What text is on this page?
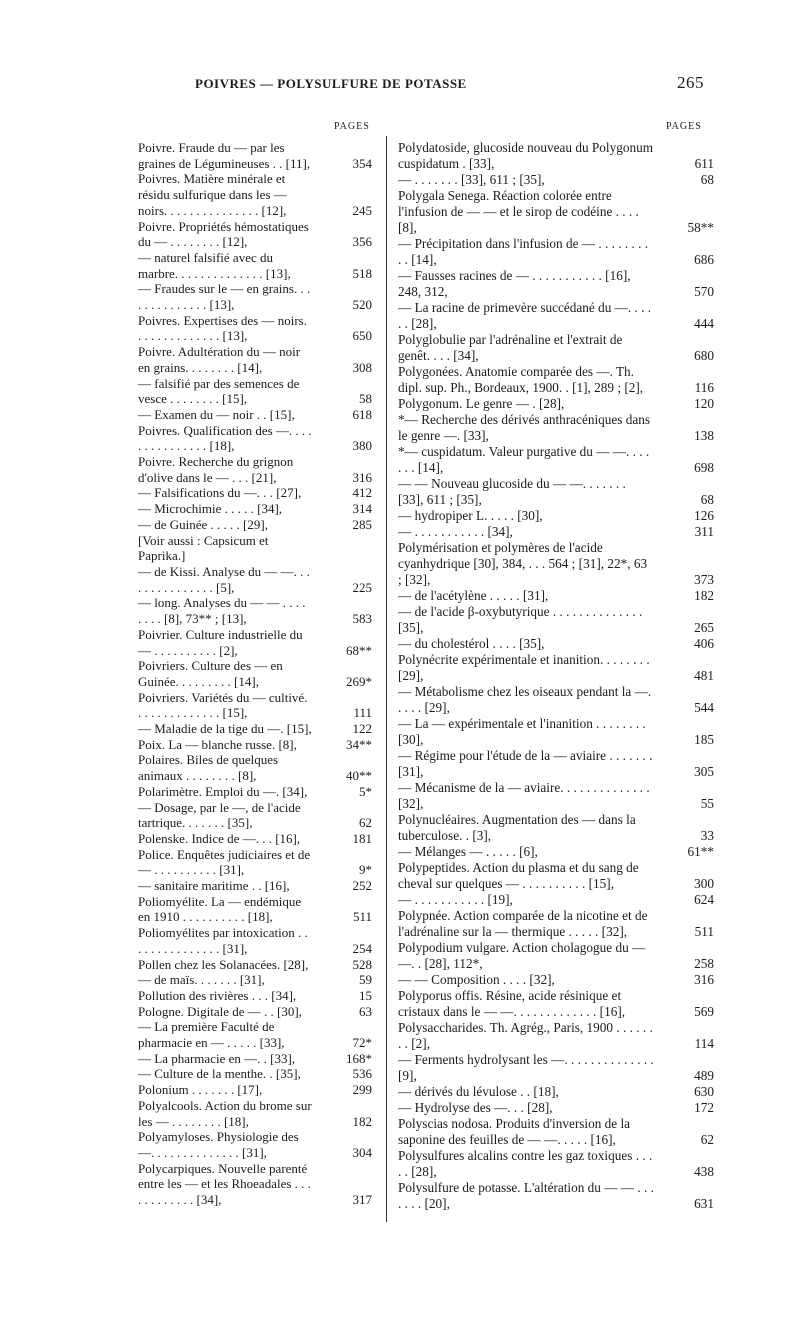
POIVRES — POLYSULFURE DE POTASSE	265
PAGES	PAGES
Poivre. Fraude du — par les graines de Légumineuses . . [11],	354
Poivres. Matière minérale et résidu sulfurique dans les — noirs. . . . . . . . . . . . . . . [12],	245
Poivre. Propriétés hémostatiques du — . . . . . . . . [12],	356
— naturel falsifié avec du marbre. . . . . . . . . . . . . . [13],	518
— Fraudes sur le — en grains. . . . . . . . . . . . . . [13],	520
Poivres. Expertises des — noirs. . . . . . . . . . . . . . [13],	650
Poivre. Adultération du — noir en grains. . . . . . . . [14],	308
— falsifié par des semences de vesce . . . . . . . . [15],	58
— Examen du — noir . . [15],	618
Poivres. Qualification des —. . . . . . . . . . . . . . . [18],	380
Poivre. Recherche du grignon d'olive dans le — . . . [21],	316
— Falsifications du —. . . [27],	412
— Microchimie . . . . . [34],	314
— de Guinée . . . . . [29],	285
[Voir aussi : Capsicum et Paprika.]
— de Kissi. Analyse du — —. . . . . . . . . . . . . . . [5],	225
— long. Analyses du — — . . . . . . . . [8], 73** ; [13],	583
Poivrier. Culture industrielle du — . . . . . . . . . . [2],	68**
Poivriers. Culture des — en Guinée. . . . . . . . . [14],	269*
Poivriers. Variétés du — cultivé. . . . . . . . . . . . . . [15],	111
— Maladie de la tige du —. [15],	122
Poix. La — blanche russe. [8],	34**
Polaires. Biles de quelques animaux . . . . . . . . [8],	40**
Polarimètre. Emploi du —. [34],	5*
— Dosage, par le —, de l'acide tartrique. . . . . . . [35],	62
Polenske. Indice de —. . . [16],	181
Police. Enquêtes judiciaires et de — . . . . . . . . . . [31],	9*
— sanitaire maritime . . [16],	252
Poliomyélite. La — endémique en 1910 . . . . . . . . . . [18],	511
Poliomyélites par intoxication . . . . . . . . . . . . . . . [31],	254
Pollen chez les Solanacées. [28],	528
— de maïs. . . . . . . [31],	59
Pollution des rivières . . . [34],	15
Pologne. Digitale de — . . [30],	63
— La première Faculté de pharmacie en — . . . . . [33],	72*
— La pharmacie en —. . [33],	168*
— Culture de la menthe. . [35],	536
Polonium . . . . . . . [17],	299
Polyalcools. Action du brome sur les — . . . . . . . . [18],	182
Polyamyloses. Physiologie des —. . . . . . . . . . . . . . [31],	304
Polycarpiques. Nouvelle parenté entre les — et les Rhoeadales . . . . . . . . . . . . [34],	317
Polydatoside, glucoside nouveau du Polygonum cuspidatum . [33],	611
— . . . . . . . [33], 611 ; [35],	68
Polygala Senega. Réaction colorée entre l'infusion de — — et le sirop de codéine . . . . [8],	58**
— Précipitation dans l'infusion de — . . . . . . . . . . [14],	686
— Fausses racines de — . . . . . . . . . . . [16], 248, 312,	570
— La racine de primevère succédané du —. . . . . . [28],	444
Polyglobulie par l'adrénaline et l'extrait de genêt. . . . [34],	680
Polygonées. Anatomie comparée des —. Th. dipl. sup. Ph., Bordeaux, 1900. . [1], 289 ; [2],	116
Polygonum. Le genre — . [28],	120
*— Recherche des dérivés anthracéniques dans le genre —. [33],	138
*— cuspidatum. Valeur purgative du — —. . . . . . . [14],	698
— — Nouveau glucoside du — —. . . . . . . [33], 611 ; [35],	68
— hydropiper L. . . . . [30],	126
— . . . . . . . . . . . [34],	311
Polymérisation et polymères de l'acide cyanhydrique [30], 384, . . . 564 ; [31], 22*, 63 ; [32],	373
— de l'acétylène . . . . . [31],	182
— de l'acide β-oxybutyrique . . . . . . . . . . . . . . [35],	265
— du cholestérol . . . . [35],	406
Polynécrite expérimentale et inanition. . . . . . . . [29],	481
— Métabolisme chez les oiseaux pendant la —. . . . . [29],	544
— La — expérimentale et l'inanition . . . . . . . . [30],	185
— Régime pour l'étude de la — aviaire . . . . . . . [31],	305
— Mécanisme de la — aviaire. . . . . . . . . . . . . . [32],	55
Polynucléaires. Augmentation des — dans la tuberculose. . [3],	33
— Mélanges — . . . . . [6],	61**
Polypeptides. Action du plasma et du sang de cheval sur quelques — . . . . . . . . . . [15],	300
— . . . . . . . . . . . [19],	624
Polypnée. Action comparée de la nicotine et de l'adrénaline sur la — thermique . . . . . [32],	511
Polypodium vulgare. Action cholagogue du — —. . [28], 112*,	258
— — Composition . . . . [32],	316
Polyporus offis. Résine, acide résinique et cristaux dans le — —. . . . . . . . . . . . . [16],	569
Polysaccharides. Th. Agrég., Paris, 1900 . . . . . . . . [2],	114
— Ferments hydrolysant les —. . . . . . . . . . . . . . [9],	489
— dérivés du lévulose . . [18],	630
— Hydrolyse des —. . . [28],	172
Polyscias nodosa. Produits d'inversion de la saponine des feuilles de — —. . . . . [16],	62
Polysulfures alcalins contre les gaz toxiques . . . . . [28],	438
Polysulfure de potasse. L'altération du — — . . . . . . . [20],	631
